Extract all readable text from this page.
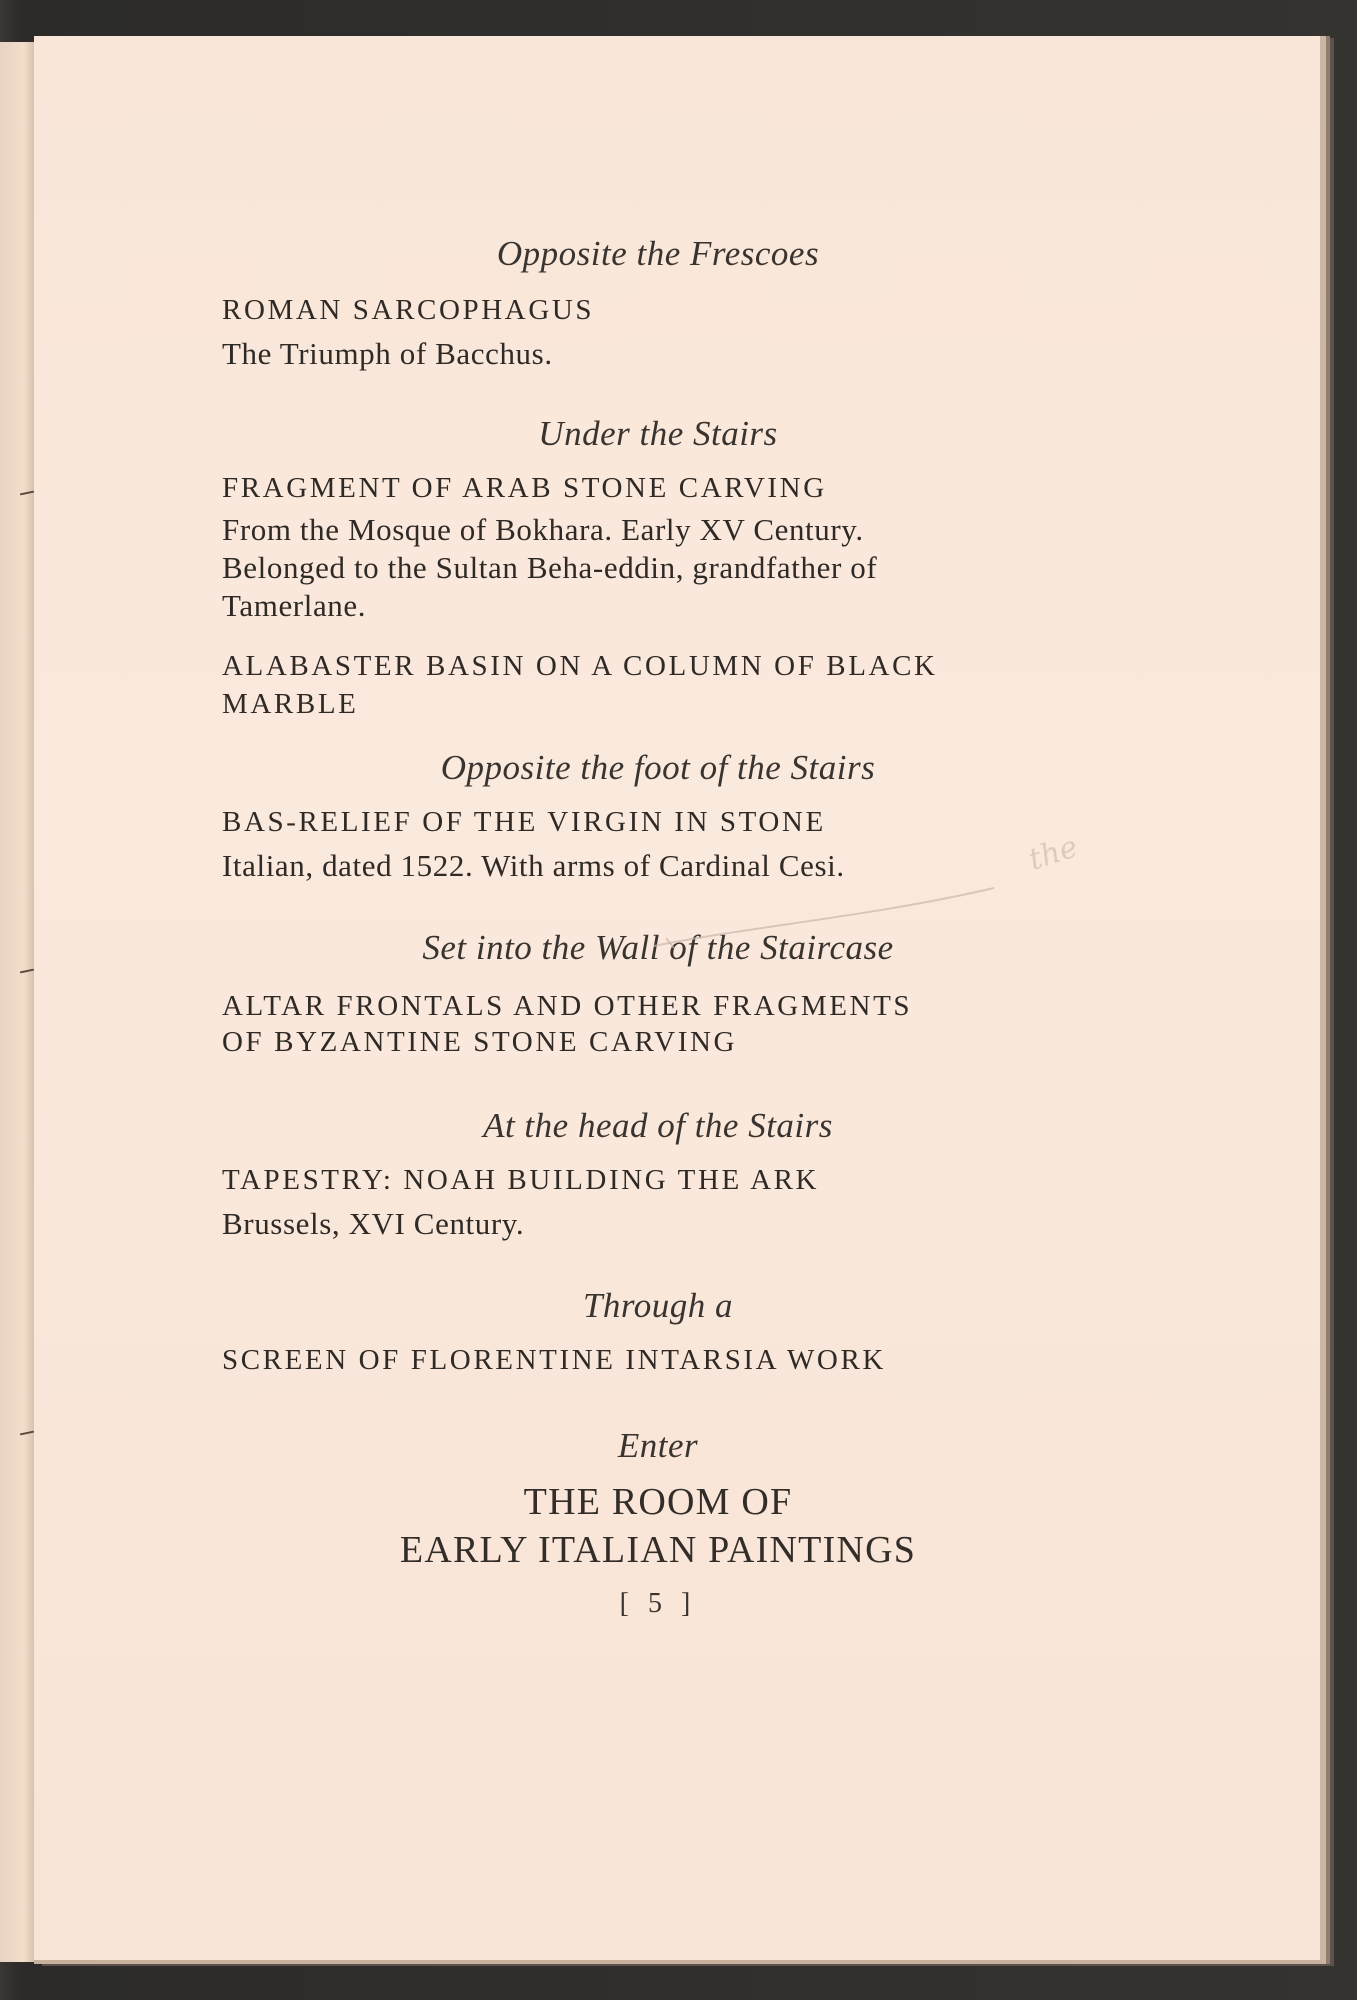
Opposite the Frescoes
ROMAN SARCOPHAGUS
The Triumph of Bacchus.
Under the Stairs
FRAGMENT OF ARAB STONE CARVING
From the Mosque of Bokhara. Early XV Century.
Belonged to the Sultan Beha-eddin, grandfather of
Tamerlane.
ALABASTER BASIN ON A COLUMN OF BLACK
MARBLE
Opposite the foot of the Stairs
BAS-RELIEF OF THE VIRGIN IN STONE
Italian, dated 1522. With arms of Cardinal Cesi.
Set into the Wall of the Staircase
ALTAR FRONTALS AND OTHER FRAGMENTS
OF BYZANTINE STONE CARVING
At the head of the Stairs
TAPESTRY: NOAH BUILDING THE ARK
Brussels, XVI Century.
Through a
SCREEN OF FLORENTINE INTARSIA WORK
Enter
THE ROOM OF
EARLY ITALIAN PAINTINGS
[ 5 ]
the
